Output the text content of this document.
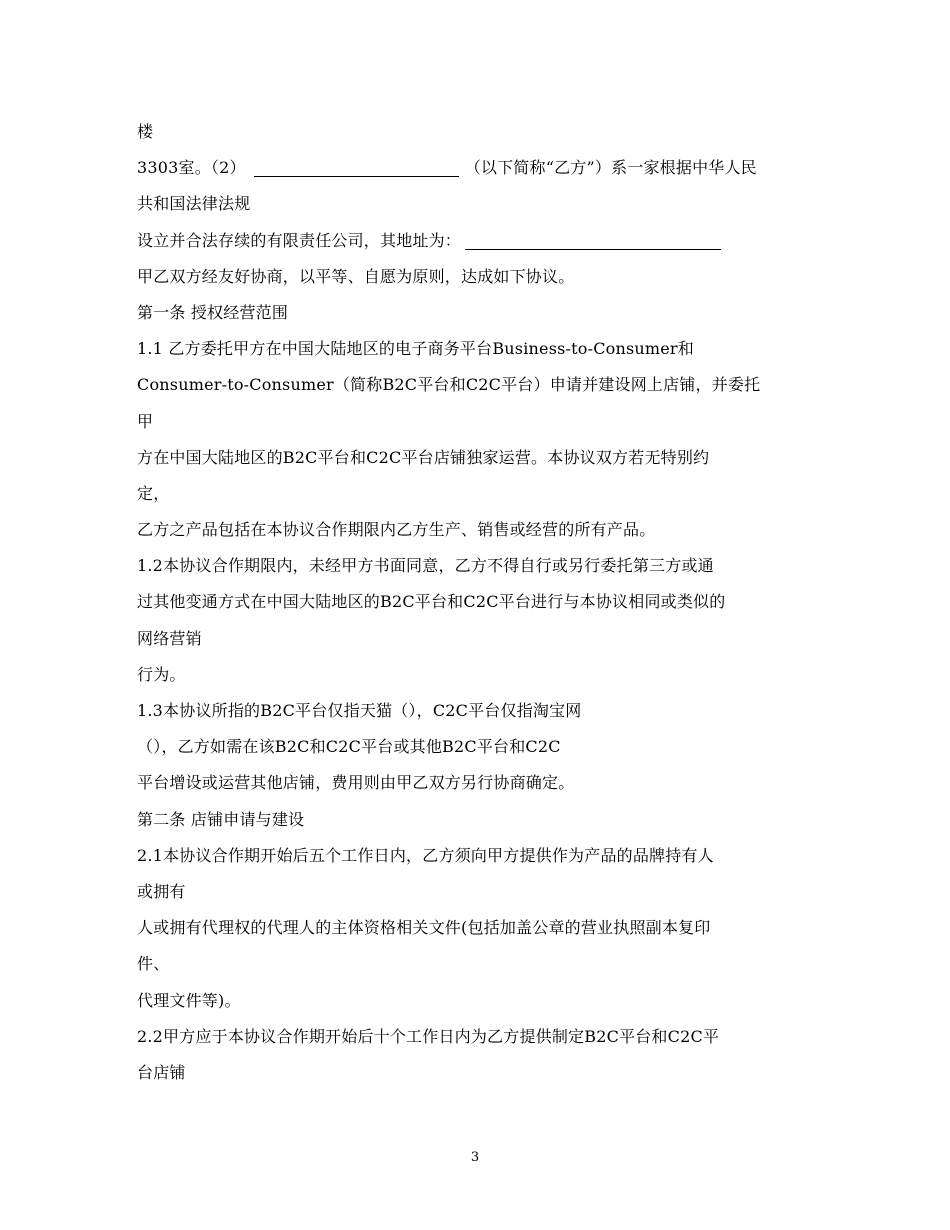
楼
3303室。（2）	（以下简称“乙方”）系一家根据中华人民
共和国法律法规
设立并合法存续的有限责任公司，其地址为：
甲乙双方经友好协商，以平等、自愿为原则，达成如下协议。
第一条 授权经营范围
1.1 乙方委托甲方在中国大陆地区的电子商务平台Business-to-Consumer和
Consumer-to-Consumer（简称B2C平台和C2C平台）申请并建设网上店铺，并委托
甲
方在中国大陆地区的B2C平台和C2C平台店铺独家运营。本协议双方若无特别约
定，
乙方之产品包括在本协议合作期限内乙方生产、销售或经营的所有产品。
1.2本协议合作期限内，未经甲方书面同意，乙方不得自行或另行委托第三方或通
过其他变通方式在中国大陆地区的B2C平台和C2C平台进行与本协议相同或类似的
网络营销
行为。
1.3本协议所指的B2C平台仅指天猫（），C2C平台仅指淘宝网
（），乙方如需在该B2C和C2C平台或其他B2C平台和C2C
平台增设或运营其他店铺，费用则由甲乙双方另行协商确定。
第二条 店铺申请与建设
2.1本协议合作期开始后五个工作日内，乙方须向甲方提供作为产品的品牌持有人
或拥有
人或拥有代理权的代理人的主体资格相关文件(包括加盖公章的营业执照副本复印
件、
代理文件等)。
2.2甲方应于本协议合作期开始后十个工作日内为乙方提供制定B2C平台和C2C平
台店铺
3
